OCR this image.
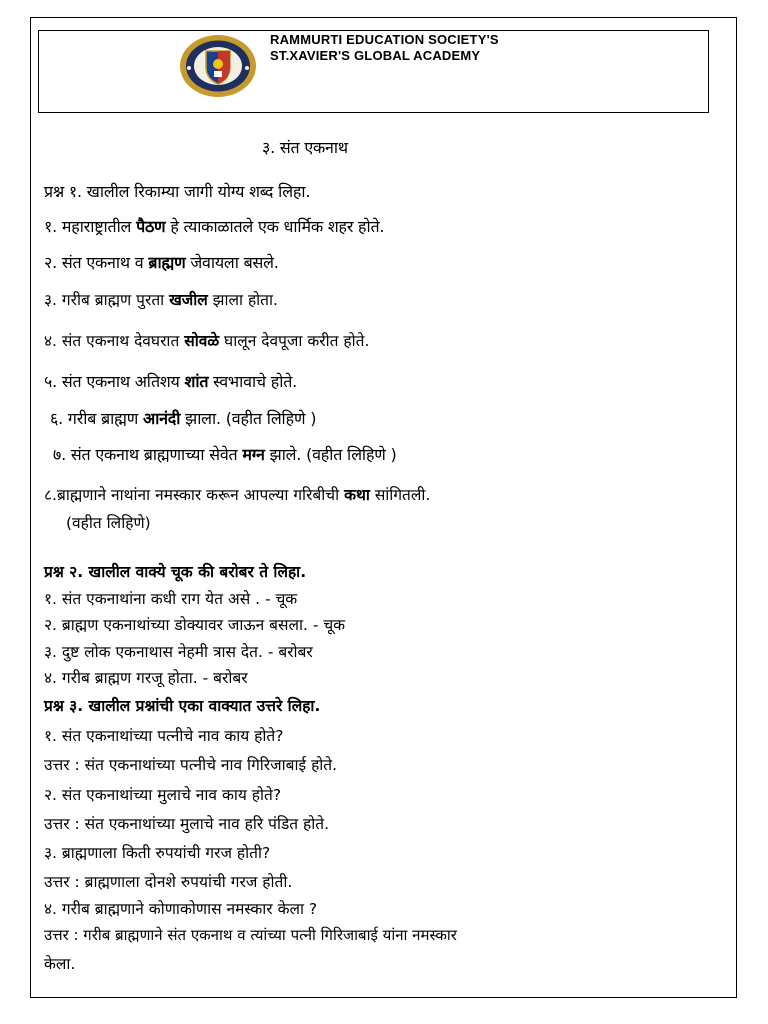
RAMMURTI EDUCATION SOCIETY'S
ST.XAVIER'S GLOBAL ACADEMY
३. संत एकनाथ
प्रश्न १. खालील रिकाम्या जागी योग्य शब्द लिहा.
१. महाराष्ट्रातील पैठण हे त्याकाळातले एक धार्मिक शहर होते.
२. संत एकनाथ व ब्राह्मण जेवायला बसले.
३. गरीब ब्राह्मण पुरता खजील झाला होता.
४. संत एकनाथ देवघरात सोवळे घालून देवपूजा करीत होते.
५. संत एकनाथ अतिशय शांत स्वभावाचे होते.
६. गरीब ब्राह्मण आनंदी झाला. (वहीत लिहिणे )
७. संत एकनाथ ब्राह्मणाच्या सेवेत मग्न झाले. (वहीत लिहिणे )
८.ब्राह्मणाने नाथांना नमस्कार करून आपल्या गरिबीची कथा सांगितली.
(वहीत लिहिणे)
प्रश्न २. खालील वाक्ये चूक की बरोबर ते लिहा.
१. संत एकनाथांना कधी राग येत असे . - चूक
२. ब्राह्मण एकनाथांच्या डोक्यावर जाऊन बसला. - चूक
३. दुष्ट लोक एकनाथास नेहमी त्रास देत. - बरोबर
४. गरीब ब्राह्मण गरजू होता. - बरोबर
प्रश्न ३. खालील प्रश्नांची एका वाक्यात उत्तरे लिहा.
१. संत एकनाथांच्या पत्नीचे नाव काय होते?
उत्तर : संत एकनाथांच्या पत्नीचे नाव गिरिजाबाई होते.
२. संत एकनाथांच्या मुलाचे नाव काय होते?
उत्तर : संत एकनाथांच्या मुलाचे नाव हरि पंडित होते.
३. ब्राह्मणाला किती रुपयांची गरज होती?
उत्तर : ब्राह्मणाला दोनशे रुपयांची गरज होती.
४. गरीब ब्राह्मणाने कोणाकोणास नमस्कार केला ?
उत्तर : गरीब ब्राह्मणाने संत एकनाथ व त्यांच्या पत्नी गिरिजाबाई यांना नमस्कार
केला.
